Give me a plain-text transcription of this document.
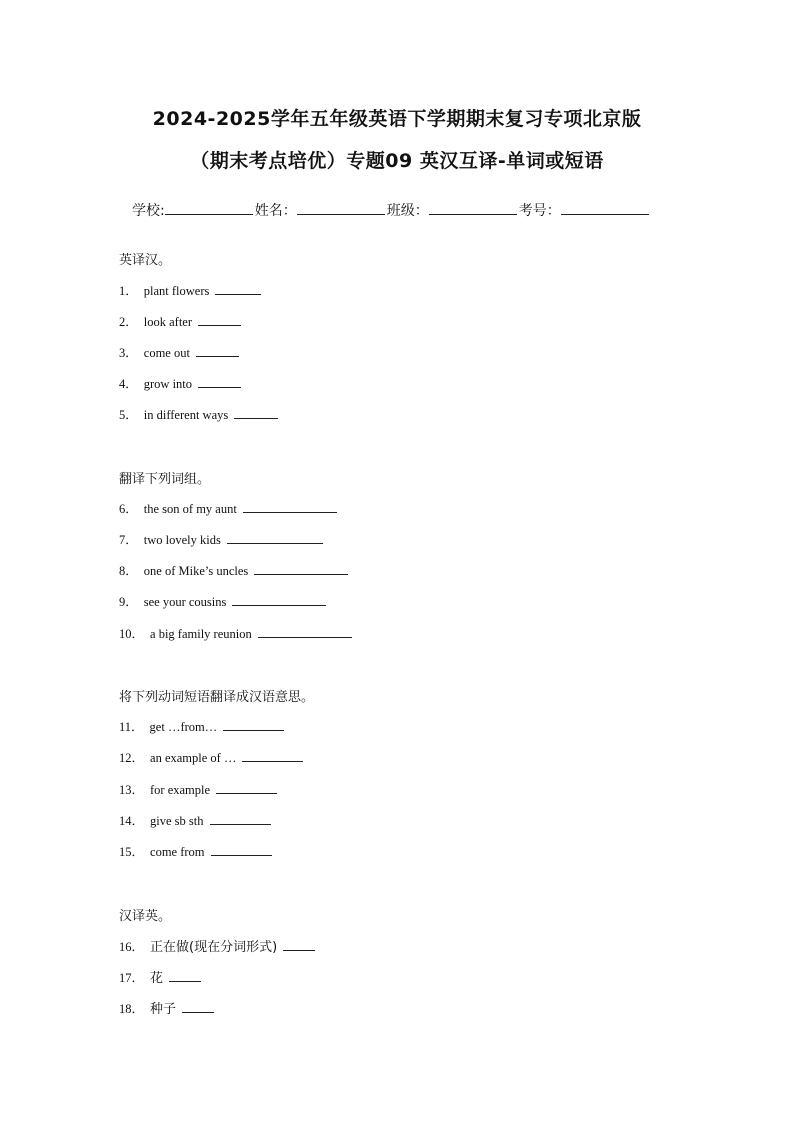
2024-2025学年五年级英语下学期期末复习专项北京版
（期末考点培优）专题09 英汉互译-单词或短语
学校:	姓名：	班级：	考号：
英译汉。
1． plant flowers
2． look after
3． come out
4． grow into
5． in different ways
翻译下列词组。
6． the son of my aunt
7． two lovely kids
8． one of Mike’s uncles
9． see your cousins
10． a big family reunion
将下列动词短语翻译成汉语意思。
11． get …from…
12． an example of …
13． for example
14． give sb sth
15． come from
汉译英。
16． 正在做(现在分词形式)
17． 花
18． 种子
